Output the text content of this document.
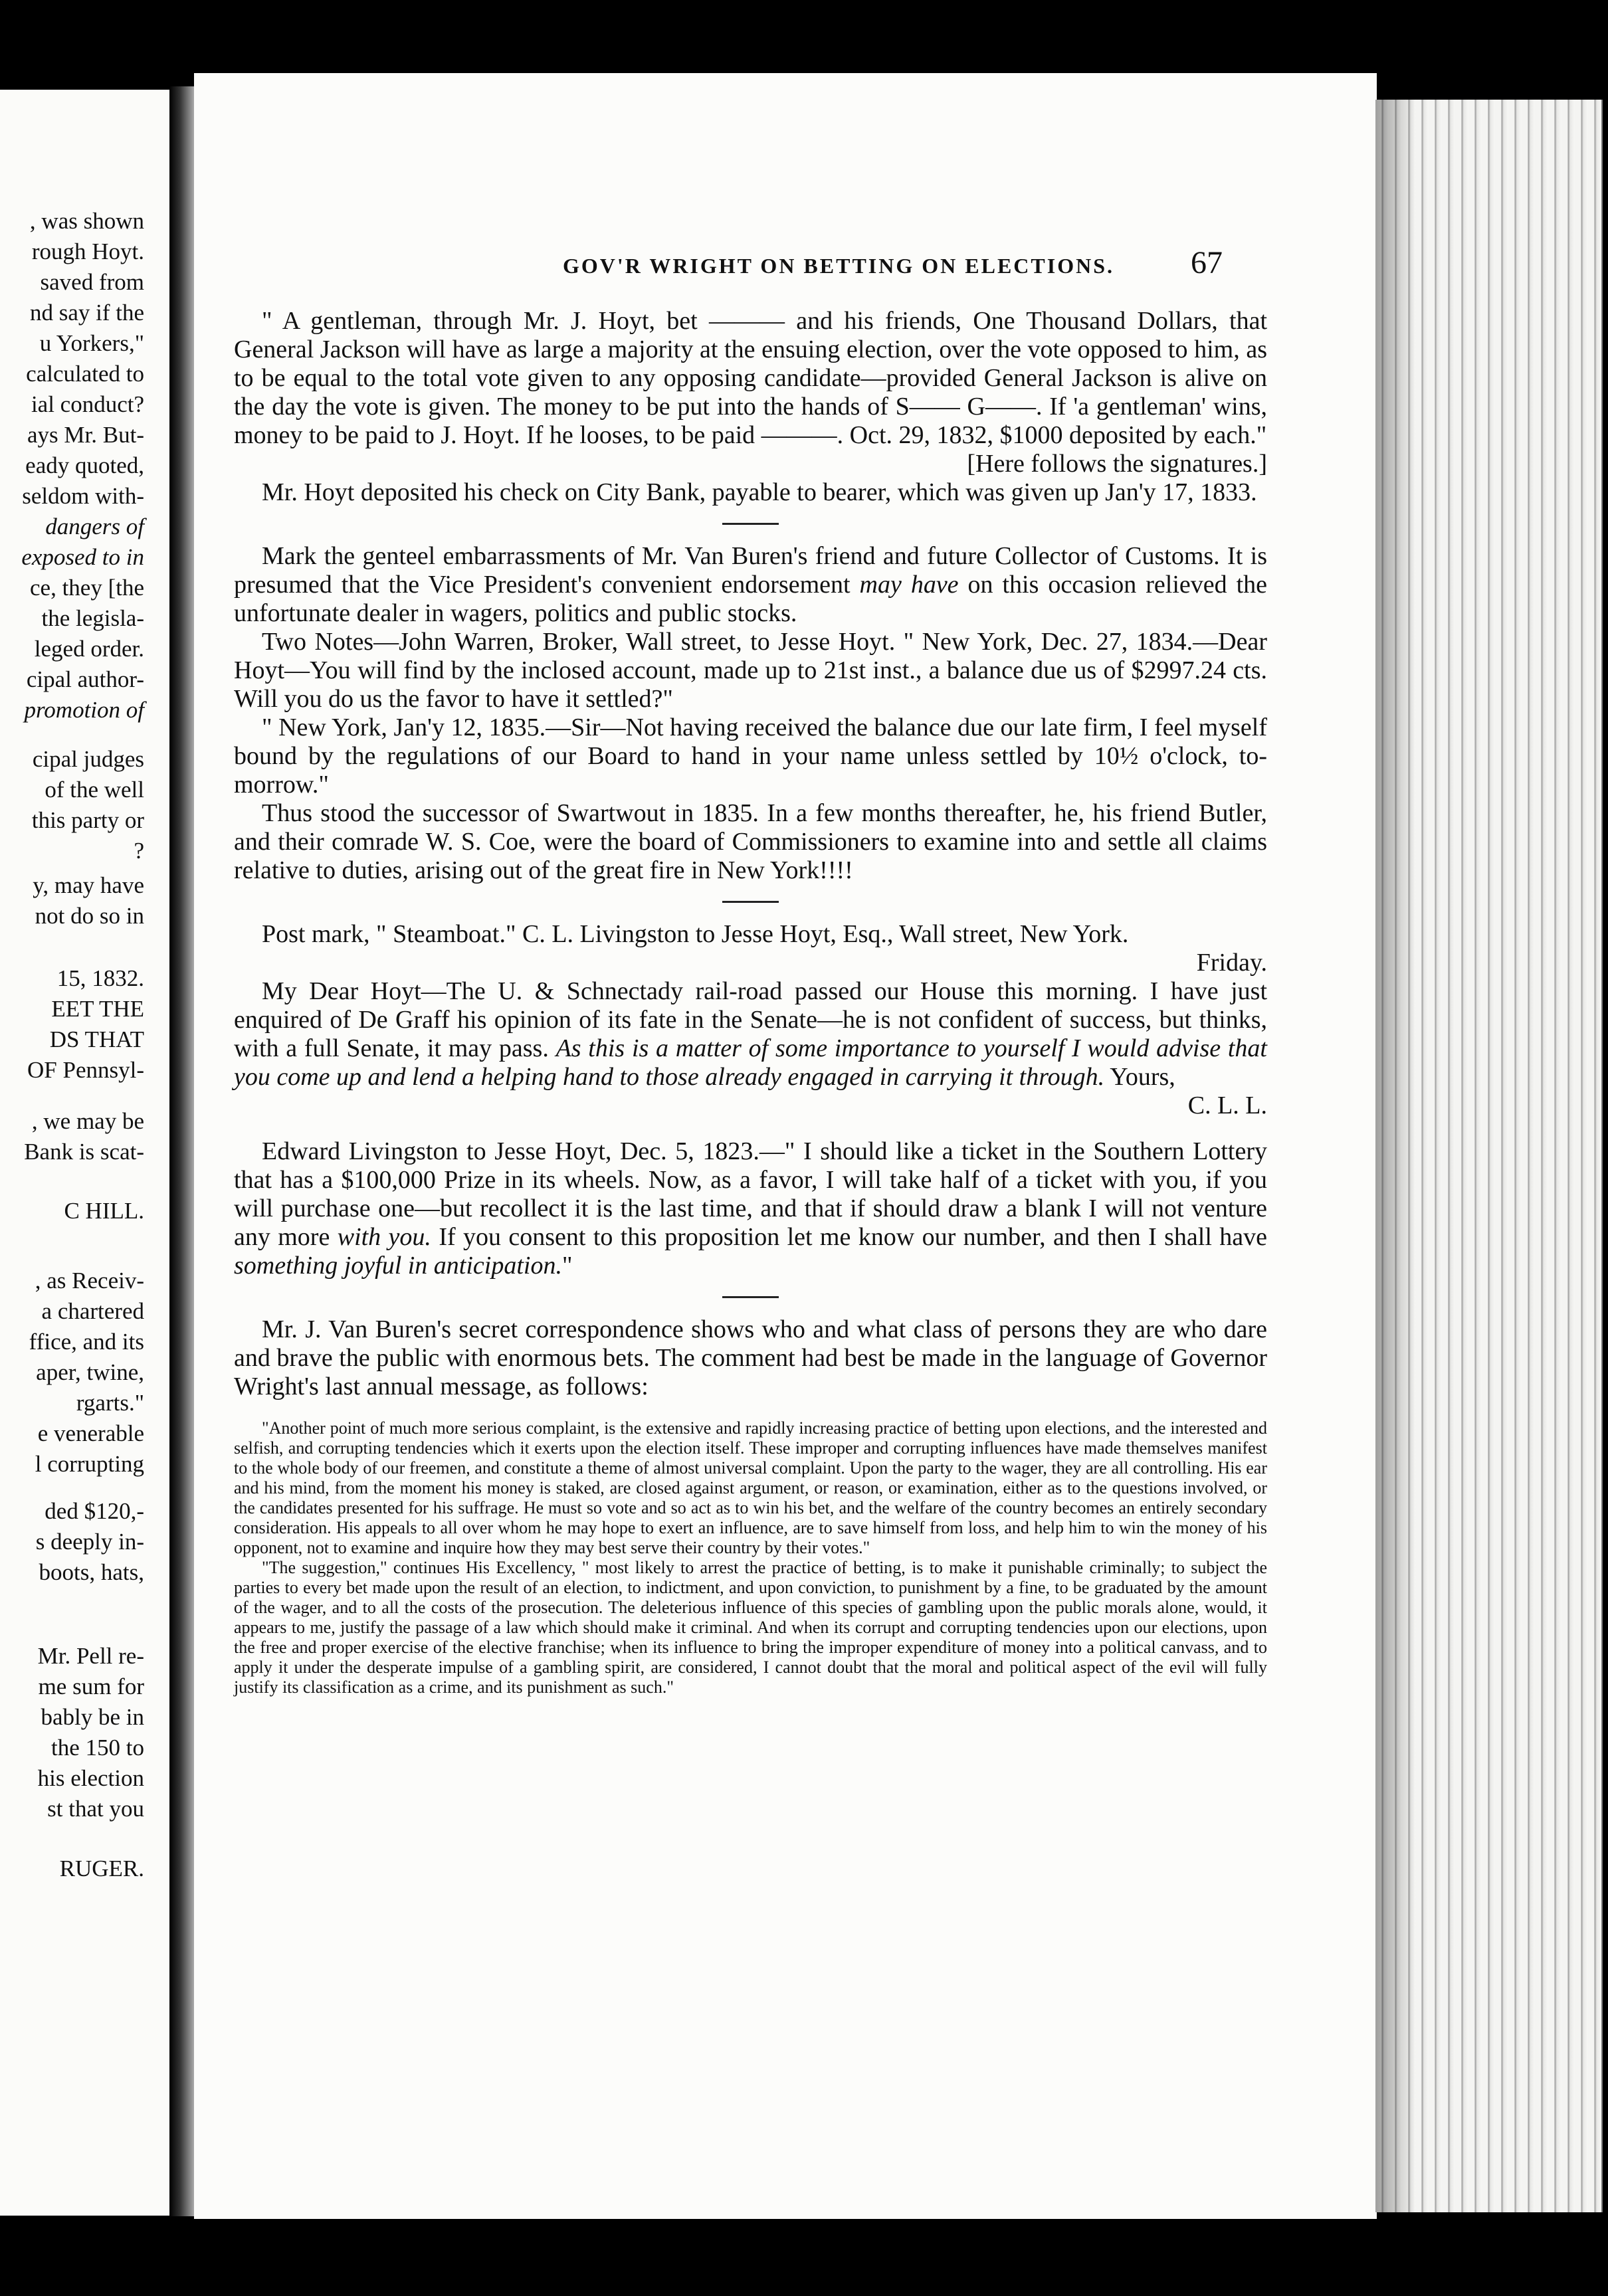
, was shown
rough Hoyt.
saved from
nd say if the
u Yorkers,"
calculated to
ial conduct?
ays Mr. But-
eady quoted,
seldom with-
dangers of
exposed to in
ce, they [the
the legisla-
leged order.
cipal author-
promotion of
cipal judges
of the well
this party or
?
y, may have
not do so in
15, 1832.
EET THE
DS THAT
OF Pennsyl-
, we may be
Bank is scat-
C HILL.
, as Receiv-
a chartered
ffice, and its
aper, twine,
rgarts."
e venerable
l corrupting
ded $120,-
s deeply in-
boots, hats,
Mr. Pell re-
me sum for
bably be in
the 150 to
his election
st that you
RUGER.
GOV'R WRIGHT ON BETTING ON ELECTIONS.	67

" A gentleman, through Mr. J. Hoyt, bet ——— and his friends, One Thousand Dollars, that General Jackson will have as large a majority at the ensuing election, over the vote opposed to him, as to be equal to the total vote given to any opposing candidate—provided General Jackson is alive on the day the vote is given. The money to be put into the hands of S—— G——. If 'a gentleman' wins, money to be paid to J. Hoyt. If he looses, to be paid ———. Oct. 29, 1832, $1000 deposited by each."

[Here follows the signatures.]

Mr. Hoyt deposited his check on City Bank, payable to bearer, which was given up Jan'y 17, 1833.

Mark the genteel embarrassments of Mr. Van Buren's friend and future Collector of Customs. It is presumed that the Vice President's convenient endorsement may have on this occasion relieved the unfortunate dealer in wagers, politics and public stocks.

Two Notes—John Warren, Broker, Wall street, to Jesse Hoyt. " New York, Dec. 27, 1834.—Dear Hoyt—You will find by the inclosed account, made up to 21st inst., a balance due us of $2997.24 cts. Will you do us the favor to have it settled?"

" New York, Jan'y 12, 1835.—Sir—Not having received the balance due our late firm, I feel myself bound by the regulations of our Board to hand in your name unless settled by 10½ o'clock, to-morrow."

Thus stood the successor of Swartwout in 1835. In a few months thereafter, he, his friend Butler, and their comrade W. S. Coe, were the board of Commissioners to examine into and settle all claims relative to duties, arising out of the great fire in New York!!!!

Post mark, " Steamboat." C. L. Livingston to Jesse Hoyt, Esq., Wall street, New York.

Friday.

My Dear Hoyt—The U. & Schnectady rail-road passed our House this morning. I have just enquired of De Graff his opinion of its fate in the Senate—he is not confident of success, but thinks, with a full Senate, it may pass. As this is a matter of some importance to yourself I would advise that you come up and lend a helping hand to those already engaged in carrying it through. Yours,

C. L. L.

Edward Livingston to Jesse Hoyt, Dec. 5, 1823.—" I should like a ticket in the Southern Lottery that has a $100,000 Prize in its wheels. Now, as a favor, I will take half of a ticket with you, if you will purchase one—but recollect it is the last time, and that if should draw a blank I will not venture any more with you. If you consent to this proposition let me know our number, and then I shall have something joyful in anticipation."

Mr. J. Van Buren's secret correspondence shows who and what class of persons they are who dare and brave the public with enormous bets. The comment had best be made in the language of Governor Wright's last annual message, as follows:

"Another point of much more serious complaint, is the extensive and rapidly increasing practice of betting upon elections, and the interested and selfish, and corrupting tendencies which it exerts upon the election itself. These improper and corrupting influences have made themselves manifest to the whole body of our freemen, and constitute a theme of almost universal complaint. Upon the party to the wager, they are all controlling. His ear and his mind, from the moment his money is staked, are closed against argument, or reason, or examination, either as to the questions involved, or the candidates presented for his suffrage. He must so vote and so act as to win his bet, and the welfare of the country becomes an entirely secondary consideration. His appeals to all over whom he may hope to exert an influence, are to save himself from loss, and help him to win the money of his opponent, not to examine and inquire how they may best serve their country by their votes."

"The suggestion," continues His Excellency, " most likely to arrest the practice of betting, is to make it punishable criminally; to subject the parties to every bet made upon the result of an election, to indictment, and upon conviction, to punishment by a fine, to be graduated by the amount of the wager, and to all the costs of the prosecution. The deleterious influence of this species of gambling upon the public morals alone, would, it appears to me, justify the passage of a law which should make it criminal. And when its corrupt and corrupting tendencies upon our elections, upon the free and proper exercise of the elective franchise; when its influence to bring the improper expenditure of money into a political canvass, and to apply it under the desperate impulse of a gambling spirit, are considered, I cannot doubt that the moral and political aspect of the evil will fully justify its classification as a crime, and its punishment as such."
